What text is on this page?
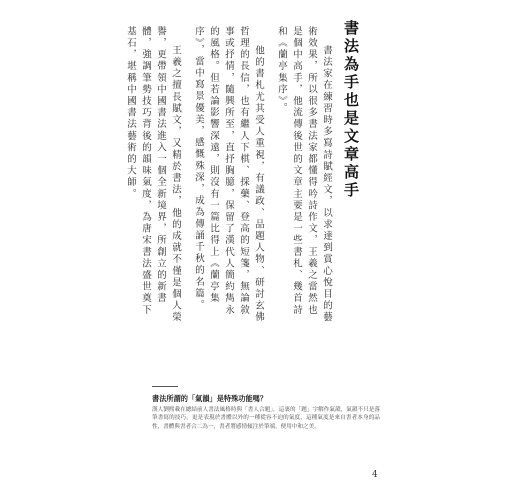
書法為手也是文章高手

書法家在練習時多寫詩賦經文，以求達到賞心悅目的藝術效果，所以很多書法家都懂得吟詩作文，王羲之當然也是個中高手，他流傳後世的文章主要是一些書札、幾首詩和《蘭亭集序》。

他的書札尤其受人重視，有議政、品題人物、研討玄佛哲理的長信，也有繼人下棋、採藥、登高的短箋，無論敘事或抒情，隨興所至，直抒胸臆，保留了漢代人簡約雋永的風格。但若論影響深遠，則沒有一篇比得上《蘭亭集序》，當中寫景優美，感慨殊深，成為傳誦千秋的名篇。

王羲之擅長賦文，又精於書法，他的成就不僅是個人榮譽，更帶領中國書法進入一個全新境界，所創立的新書體，強調筆勢技巧背後的韻味氣度，為唐宋書法盛世奠下基石，堪稱中國書法藝術的大師。

書法所謂的「氣韻」是特殊功能嗎？

漢人劉熙載在總結前人書法風格時與「書人合題」，這裏的「題」字解作氣韻，氣韻不只是落筆書寫的技巧，更是表現於書體以外的一種從容不迫的氣度，這種氣度是來自書者本身的品性，書體與書者合二為一，書者將感情傾注於筆端，便用中和之美。

4
